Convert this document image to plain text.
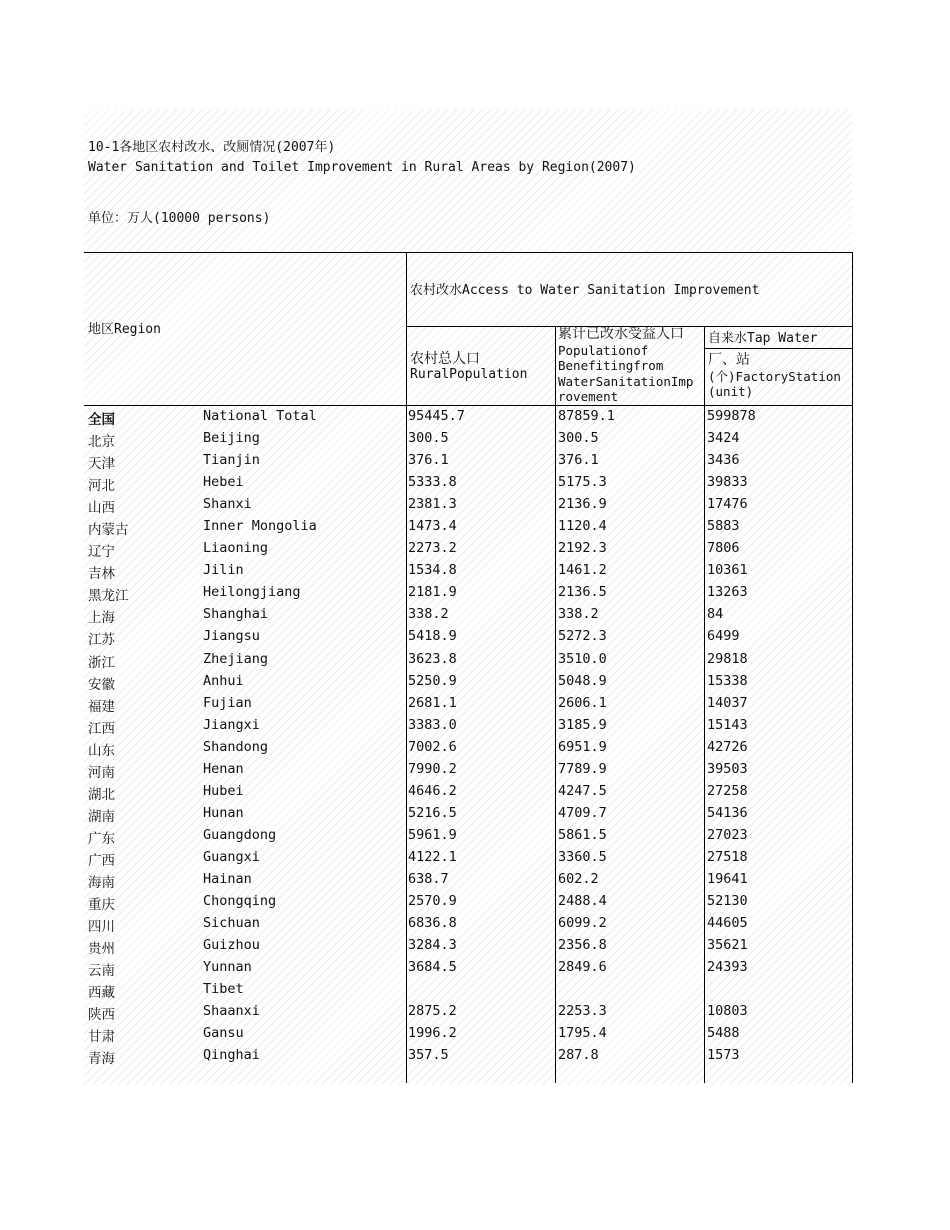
10-1各地区农村改水、改厕情况(2007年)
Water Sanitation and Toilet Improvement in Rural Areas by Region(2007)
单位：万人(10000 persons)
地区Region
农村改水Access to Water Sanitation Improvement
农村总人口
RuralPopulation
累计已改水受益人口
Populationof
Benefitingfrom
WaterSanitationImp
rovement
自来水Tap Water
厂、站
(个)FactoryStation
(unit)
全国	National Total	95445.7	87859.1	599878
北京	Beijing	300.5	300.5	3424
天津	Tianjin	376.1	376.1	3436
河北	Hebei	5333.8	5175.3	39833
山西	Shanxi	2381.3	2136.9	17476
内蒙古	Inner Mongolia	1473.4	1120.4	5883
辽宁	Liaoning	2273.2	2192.3	7806
吉林	Jilin	1534.8	1461.2	10361
黑龙江	Heilongjiang	2181.9	2136.5	13263
上海	Shanghai	338.2	338.2	84
江苏	Jiangsu	5418.9	5272.3	6499
浙江	Zhejiang	3623.8	3510.0	29818
安徽	Anhui	5250.9	5048.9	15338
福建	Fujian	2681.1	2606.1	14037
江西	Jiangxi	3383.0	3185.9	15143
山东	Shandong	7002.6	6951.9	42726
河南	Henan	7990.2	7789.9	39503
湖北	Hubei	4646.2	4247.5	27258
湖南	Hunan	5216.5	4709.7	54136
广东	Guangdong	5961.9	5861.5	27023
广西	Guangxi	4122.1	3360.5	27518
海南	Hainan	638.7	602.2	19641
重庆	Chongqing	2570.9	2488.4	52130
四川	Sichuan	6836.8	6099.2	44605
贵州	Guizhou	3284.3	2356.8	35621
云南	Yunnan	3684.5	2849.6	24393
西藏	Tibet
陕西	Shaanxi	2875.2	2253.3	10803
甘肃	Gansu	1996.2	1795.4	5488
青海	Qinghai	357.5	287.8	1573
